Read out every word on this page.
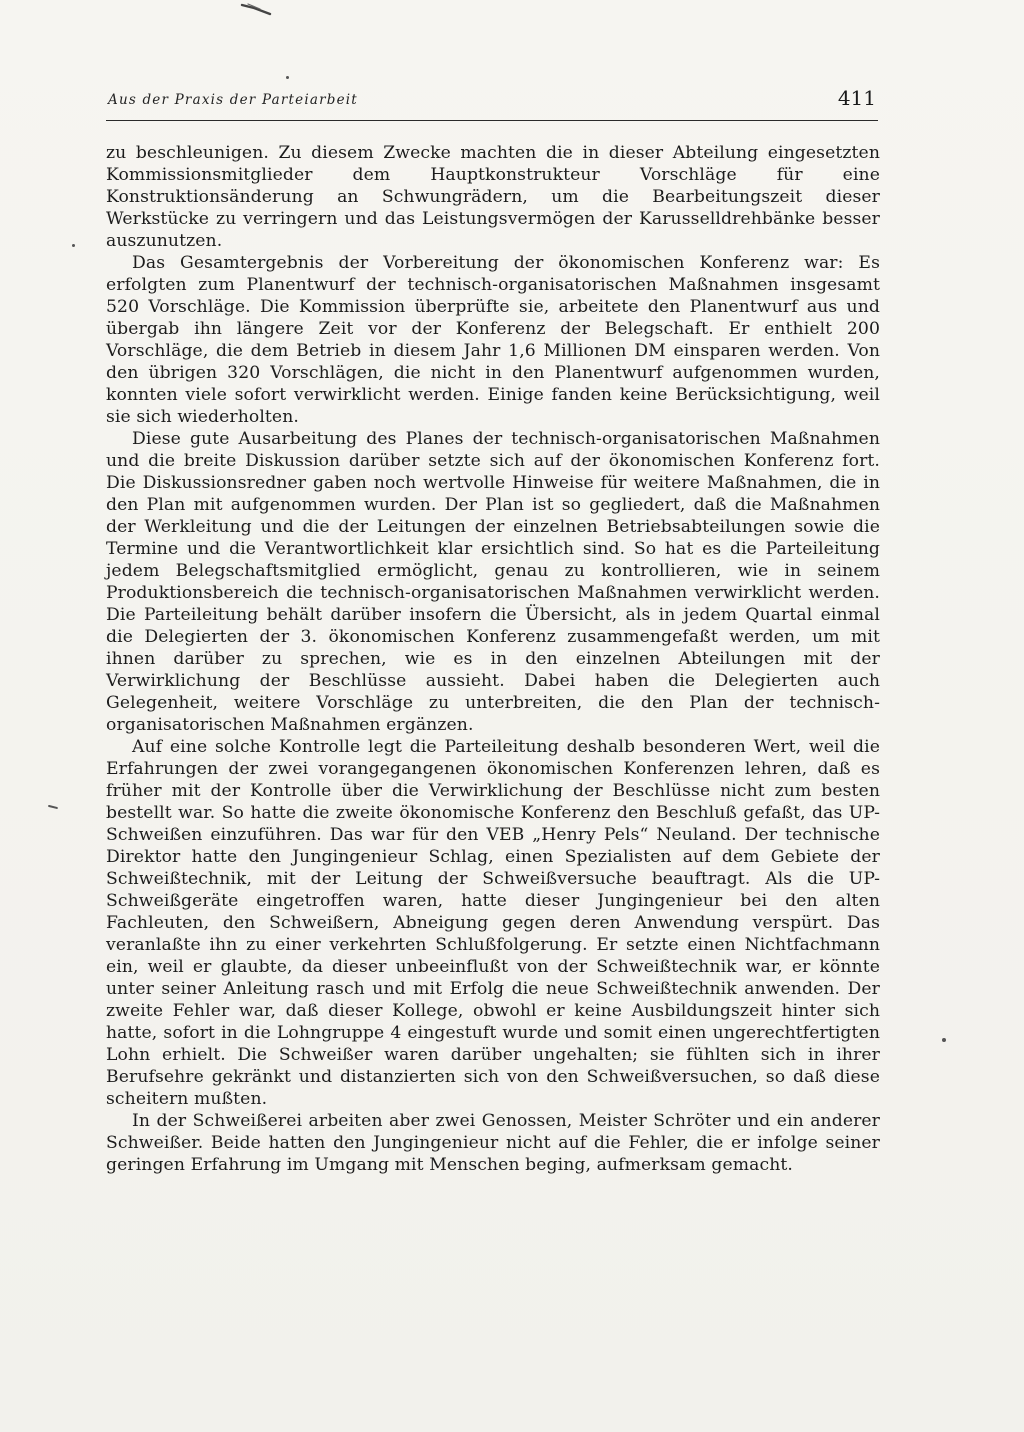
Aus der Praxis der Parteiarbeit	411

zu beschleunigen. Zu diesem Zwecke machten die in dieser Abteilung eingesetzten Kommissionsmitglieder dem Hauptkonstrukteur Vorschläge für eine Konstruktionsänderung an Schwungrädern, um die Bearbeitungszeit dieser Werkstücke zu verringern und das Leistungsvermögen der Karusselldrehbänke besser auszunutzen.

Das Gesamtergebnis der Vorbereitung der ökonomischen Konferenz war: Es erfolgten zum Planentwurf der technisch-organisatorischen Maßnahmen insgesamt 520 Vorschläge. Die Kommission überprüfte sie, arbeitete den Planentwurf aus und übergab ihn längere Zeit vor der Konferenz der Belegschaft. Er enthielt 200 Vorschläge, die dem Betrieb in diesem Jahr 1,6 Millionen DM einsparen werden. Von den übrigen 320 Vorschlägen, die nicht in den Planentwurf aufgenommen wurden, konnten viele sofort verwirklicht werden. Einige fanden keine Berücksichtigung, weil sie sich wiederholten.

Diese gute Ausarbeitung des Planes der technisch-organisatorischen Maßnahmen und die breite Diskussion darüber setzte sich auf der ökonomischen Konferenz fort. Die Diskussionsredner gaben noch wertvolle Hinweise für weitere Maßnahmen, die in den Plan mit aufgenommen wurden. Der Plan ist so gegliedert, daß die Maßnahmen der Werkleitung und die der Leitungen der einzelnen Betriebsabteilungen sowie die Termine und die Verantwortlichkeit klar ersichtlich sind. So hat es die Parteileitung jedem Belegschaftsmitglied ermöglicht, genau zu kontrollieren, wie in seinem Produktionsbereich die technisch-organisatorischen Maßnahmen verwirklicht werden. Die Parteileitung behält darüber insofern die Übersicht, als in jedem Quartal einmal die Delegierten der 3. ökonomischen Konferenz zusammengefaßt werden, um mit ihnen darüber zu sprechen, wie es in den einzelnen Abteilungen mit der Verwirklichung der Beschlüsse aussieht. Dabei haben die Delegierten auch Gelegenheit, weitere Vorschläge zu unterbreiten, die den Plan der technisch-organisatorischen Maßnahmen ergänzen.

Auf eine solche Kontrolle legt die Parteileitung deshalb besonderen Wert, weil die Erfahrungen der zwei vorangegangenen ökonomischen Konferenzen lehren, daß es früher mit der Kontrolle über die Verwirklichung der Beschlüsse nicht zum besten bestellt war. So hatte die zweite ökonomische Konferenz den Beschluß gefaßt, das UP-Schweißen einzuführen. Das war für den VEB „Henry Pels“ Neuland. Der technische Direktor hatte den Jungingenieur Schlag, einen Spezialisten auf dem Gebiete der Schweißtechnik, mit der Leitung der Schweißversuche beauftragt. Als die UP-Schweißgeräte eingetroffen waren, hatte dieser Jungingenieur bei den alten Fachleuten, den Schweißern, Abneigung gegen deren Anwendung verspürt. Das veranlaßte ihn zu einer verkehrten Schlußfolgerung. Er setzte einen Nichtfachmann ein, weil er glaubte, da dieser unbeeinflußt von der Schweißtechnik war, er könnte unter seiner Anleitung rasch und mit Erfolg die neue Schweißtechnik anwenden. Der zweite Fehler war, daß dieser Kollege, obwohl er keine Ausbildungszeit hinter sich hatte, sofort in die Lohngruppe 4 eingestuft wurde und somit einen ungerechtfertigten Lohn erhielt. Die Schweißer waren darüber ungehalten; sie fühlten sich in ihrer Berufsehre gekränkt und distanzierten sich von den Schweißversuchen, so daß diese scheitern mußten.

In der Schweißerei arbeiten aber zwei Genossen, Meister Schröter und ein anderer Schweißer. Beide hatten den Jungingenieur nicht auf die Fehler, die er infolge seiner geringen Erfahrung im Umgang mit Menschen beging, aufmerksam gemacht.
